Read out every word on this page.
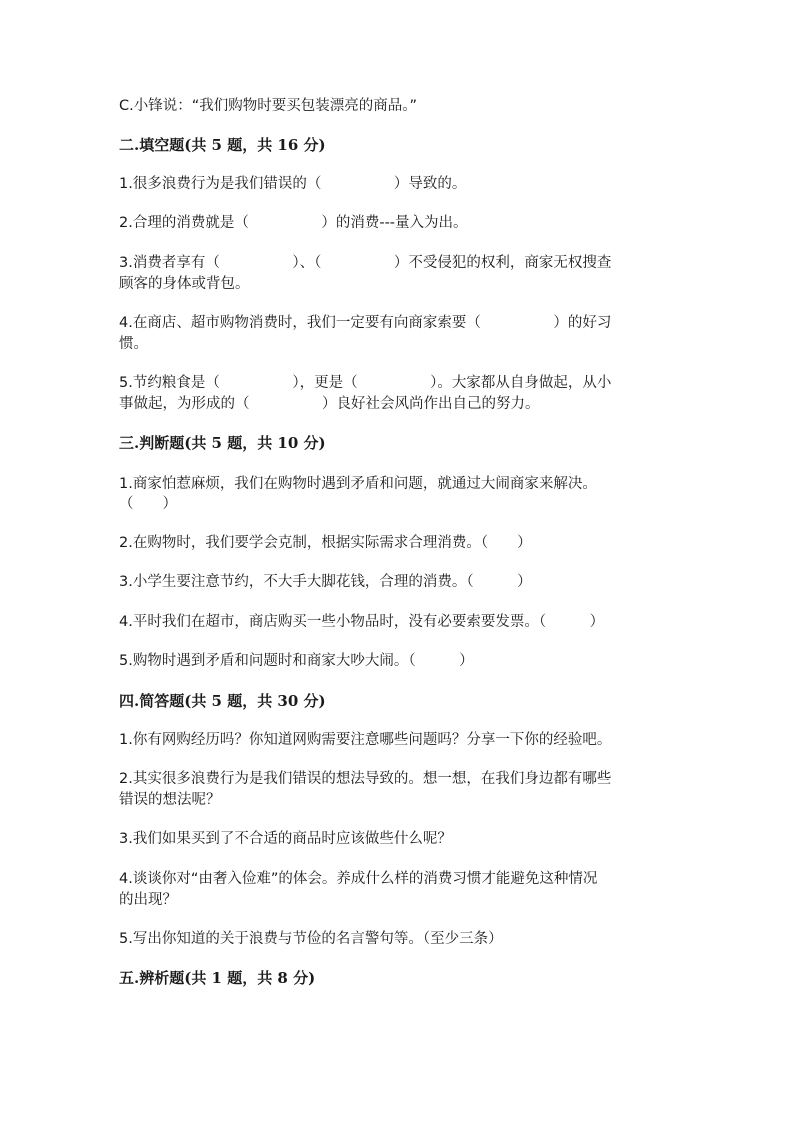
C.小锋说：“我们购物时要买包装漂亮的商品。”
二.填空题(共 5 题，共 16 分)
1.很多浪费行为是我们错误的（　　　　　）导致的。
2.合理的消费就是（　　　　　）的消费---量入为出。
3.消费者享有（　　　　　）、（　　　　　）不受侵犯的权利，商家无权搜查
顾客的身体或背包。
4.在商店、超市购物消费时，我们一定要有向商家索要（　　　　　）的好习
惯。
5.节约粮食是（　　　　　），更是（　　　　　）。大家都从自身做起，从小
事做起，为形成的（　　　　　）良好社会风尚作出自己的努力。
三.判断题(共 5 题，共 10 分)
1.商家怕惹麻烦，我们在购物时遇到矛盾和问题，就通过大闹商家来解决。
（　　）
2.在购物时，我们要学会克制，根据实际需求合理消费。（　　）
3.小学生要注意节约，不大手大脚花钱，合理的消费。（　　　）
4.平时我们在超市，商店购买一些小物品时，没有必要索要发票。（　　　）
5.购物时遇到矛盾和问题时和商家大吵大闹。（　　　）
四.简答题(共 5 题，共 30 分)
1.你有网购经历吗？你知道网购需要注意哪些问题吗？分享一下你的经验吧。
2.其实很多浪费行为是我们错误的想法导致的。想一想，在我们身边都有哪些
错误的想法呢？
3.我们如果买到了不合适的商品时应该做些什么呢？
4.谈谈你对“由奢入俭难”的体会。养成什么样的消费习惯才能避免这种情况
的出现？
5.写出你知道的关于浪费与节俭的名言警句等。（至少三条）
五.辨析题(共 1 题，共 8 分)
